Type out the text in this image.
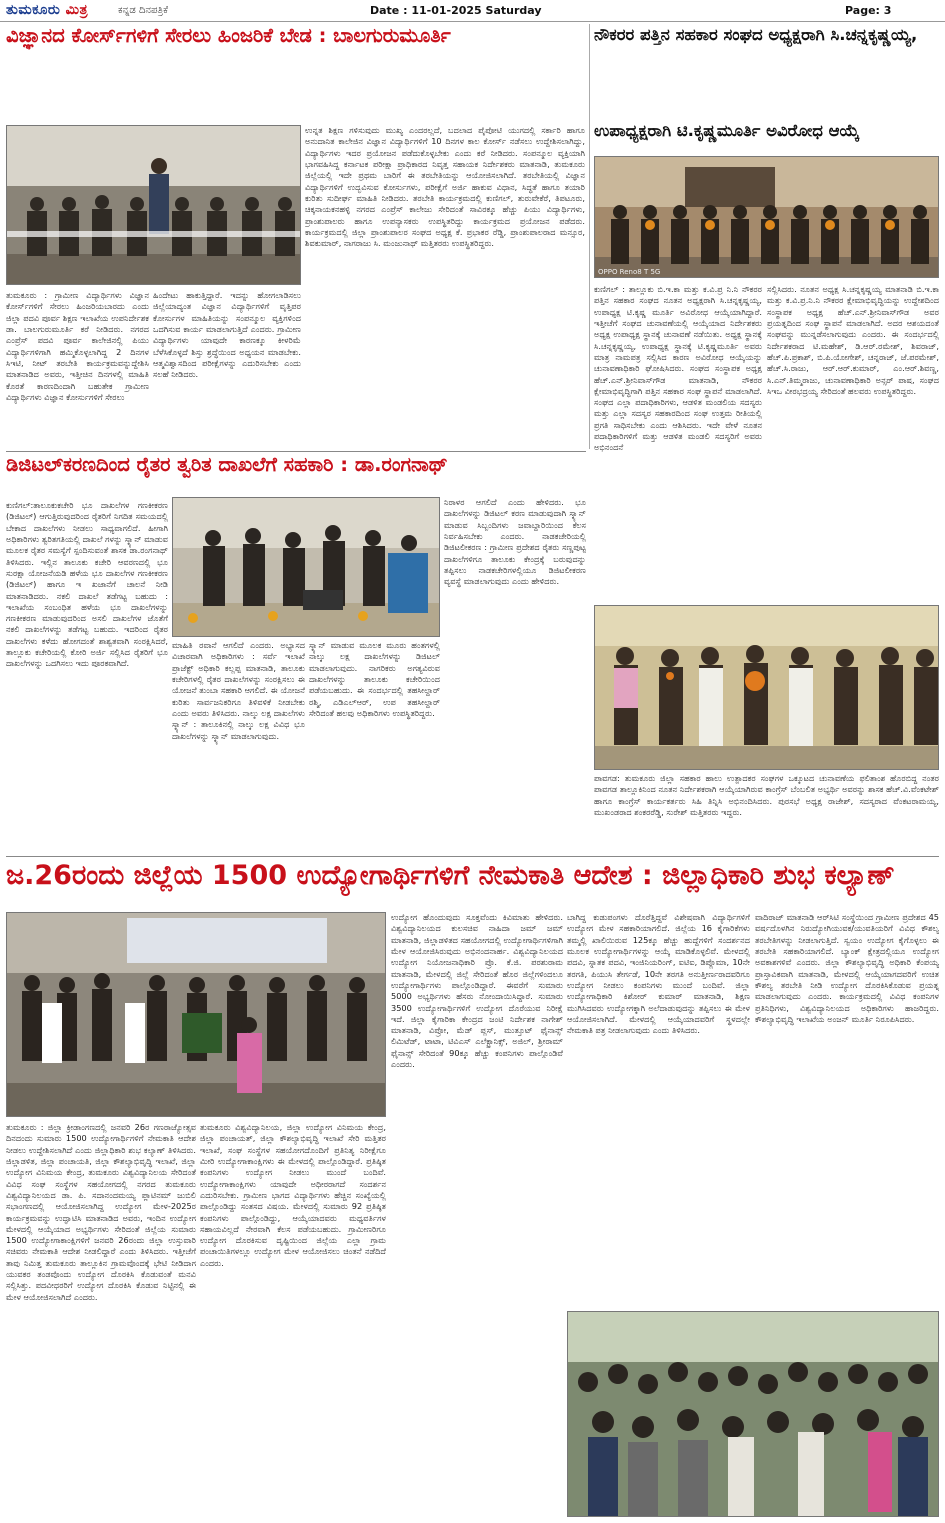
ತುಮಕೂರು ಮಿತ್ರ	ಕನ್ನಡ ದಿನಪತ್ರಿಕೆ	Date : 11-01-2025 Saturday	Page: 3
ವಿಜ್ಞಾನದ ಕೋರ್ಸ್‌ಗಳಿಗೆ ಸೇರಲು ಹಿಂಜರಿಕೆ ಬೇಡ : ಬಾಲಗುರುಮೂರ್ತಿ

ತುಮಕೂರು : ಗ್ರಾಮೀಣ ವಿದ್ಯಾರ್ಥಿಗಳು ವಿಜ್ಞಾನ ಕೋರ್ಸ್‌ಗಳಿಗೆ ಸೇರಲು ಹಿಂಜರಿಯಬಾರದು ಎಂದು ಜಿಲ್ಲಾ ಪದವಿ ಪೂರ್ವ ಶಿಕ್ಷಣ ಇಲಾಖೆಯ ಉಪನಿರ್ದೇಶಕ ಡಾ. ಬಾಲಗುರುಮೂರ್ತಿ ಕರೆ ನೀಡಿದರು. ನಗರದ ಎಂಪ್ರೆಸ್ ಪದವಿ ಪೂರ್ವ ಕಾಲೇಜಿನಲ್ಲಿ ಪಿಯು ವಿದ್ಯಾರ್ಥಿಗಳಿಗಾಗಿ ಹಮ್ಮಿಕೊಳ್ಳಲಾಗಿದ್ದ 2 ದಿನಗಳ ಸಿಇಟಿ, ನೀಟ್ ತರಬೇತಿ ಕಾರ್ಯಕ್ರಮವನ್ನುದ್ದೇಶಿಸಿ ಮಾತನಾಡಿದ ಅವರು, ಇತ್ತೀಚಿನ ದಿನಗಳಲ್ಲಿ ಮಾಹಿತಿ ಕೊರತೆ ಕಾರಣದಿಂದಾಗಿ ಬಹುತೇಕ ಗ್ರಾಮೀಣ ವಿದ್ಯಾರ್ಥಿಗಳು ವಿಜ್ಞಾನ ಕೋರ್ಸುಗಳಿಗೆ ಸೇರಲು

ಹಿಂದೇಟು ಹಾಕುತ್ತಿದ್ದಾರೆ. ಇದನ್ನು ಹೋಗಲಾಡಿಸಲು ಜಿಲ್ಲೆಯಾದ್ಯಂತ ವಿಜ್ಞಾನ ವಿದ್ಯಾರ್ಥಿಗಳಿಗೆ ವೃತ್ತಿಪರ ಕೋರ್ಸುಗಳ ಮಾಹಿತಿಯನ್ನು ಸಂಪನ್ಮೂಲ ವ್ಯಕ್ತಿಗಳಿಂದ ಒದಗಿಸುವ ಕಾರ್ಯ ಮಾಡಲಾಗುತ್ತಿದೆ ಎಂದರು. ಗ್ರಾಮೀಣ ವಿದ್ಯಾರ್ಥಿಗಳು ಯಾವುದೇ ಕಾರಣಕ್ಕೂ ಕೀಳರಿಮೆ ಬೆಳೆಸಿಕೊಳ್ಳದೆ ಶಿಸ್ತು ಶ್ರದ್ಧೆಯಿಂದ ಅಧ್ಯಯನ ಮಾಡಬೇಕು. ಆತ್ಮವಿಶ್ವಾಸದಿಂದ ಪರೀಕ್ಷೆಗಳನ್ನು ಎದುರಿಸಬೇಕು ಎಂದು ಸಲಹೆ ನೀಡಿದರು.

ಉನ್ನತ ಶಿಕ್ಷಣ ಗಳಿಸುವುದು ಮುಖ್ಯ ಎಂದರಲ್ಲದೆ, ಬದಲಾದ ಪೈಪೋಟಿ ಯುಗದಲ್ಲಿ ಸರ್ಕಾರಿ ಹಾಗೂ ಅನುದಾನಿತ ಕಾಲೇಜಿನ ವಿಜ್ಞಾನ ವಿದ್ಯಾರ್ಥಿಗಳಿಗೆ 10 ದಿನಗಳ ಕಾಲ ಕೋರ್ಸ್ ನಡೆಸಲು ಉದ್ದೇಶಿಸಲಾಗಿದ್ದು, ವಿದ್ಯಾರ್ಥಿಗಳು ಇದರ ಪ್ರಯೋಜನ ಪಡೆದುಕೊಳ್ಳಬೇಕು ಎಂದು ಕರೆ ನೀಡಿದರು. ಸಂಪನ್ಮೂಲ ವ್ಯಕ್ತಿಯಾಗಿ ಭಾಗವಹಿಸಿದ್ದ ಕರ್ನಾಟಕ ಪರೀಕ್ಷಾ ಪ್ರಾಧಿಕಾರದ ನಿವೃತ್ತ ಸಹಾಯಕ ನಿರ್ದೇಶಕರು ಮಾತನಾಡಿ, ತುಮಕೂರು ಜಿಲ್ಲೆಯಲ್ಲಿ ಇದೇ ಪ್ರಥಮ ಬಾರಿಗೆ ಈ ತರಬೇತಿಯನ್ನು ಆಯೋಜಿಸಲಾಗಿದೆ. ತರಬೇತಿಯಲ್ಲಿ ವಿಜ್ಞಾನ ವಿದ್ಯಾರ್ಥಿಗಳಿಗೆ ಉದ್ಭವಿಸುವ ಕೋರ್ಸುಗಳು, ಪರೀಕ್ಷೆಗೆ ಅರ್ಜಿ ಹಾಕುವ ವಿಧಾನ, ಸಿದ್ಧತೆ ಹಾಗೂ ತಯಾರಿ ಕುರಿತು ಸುದೀರ್ಘ ಮಾಹಿತಿ ನೀಡಿದರು. ತರಬೇತಿ ಕಾರ್ಯಕ್ರಮದಲ್ಲಿ ಕುಣಿಗಲ್, ತುರುವೇಕೆರೆ, ತಿಪಟೂರು, ಚಿಕ್ಕನಾಯಕನಹಳ್ಳಿ ನಗರದ ಎಂಪ್ರೆಸ್ ಕಾಲೇಜು ಸೇರಿದಂತೆ ಸಾವಿರಕ್ಕೂ ಹೆಚ್ಚು ಪಿಯು ವಿದ್ಯಾರ್ಥಿಗಳು, ಪ್ರಾಂಶುಪಾಲರು ಹಾಗೂ ಉಪನ್ಯಾಸಕರು ಉಪಸ್ಥಿತರಿದ್ದು ಕಾರ್ಯಕ್ರಮದ ಪ್ರಯೋಜನ ಪಡೆದರು. ಕಾರ್ಯಕ್ರಮದಲ್ಲಿ ಜಿಲ್ಲಾ ಪ್ರಾಂಶುಪಾಲರ ಸಂಘದ ಅಧ್ಯಕ್ಷ ಕೆ. ಪ್ರಭಾಕರ ರೆಡ್ಡಿ, ಪ್ರಾಂಶುಪಾಲರಾದ ಮನ್ಸೂರ, ಶಿವಕುಮಾರ್, ನಾಗರಾಜು ಸಿ. ಮಂಜುನಾಥ್ ಮತ್ತಿತರರು ಉಪಸ್ಥಿತರಿದ್ದರು.

ನೌಕರರ ಪತ್ತಿನ ಸಹಕಾರ ಸಂಘದ ಅಧ್ಯಕ್ಷರಾಗಿ ಸಿ.ಚನ್ನಕೃಷ್ಣಯ್ಯ,
ಉಪಾಧ್ಯಕ್ಷರಾಗಿ ಟಿ.ಕೃಷ್ಣಮೂರ್ತಿ ಅವಿರೋಧ ಆಯ್ಕೆ
OPPO Reno8 T 5G

ಕುಣಿಗಲ್ : ತಾಲ್ಲೂಕು ಬಿ.ಇ.ಕಾ ಮತ್ತು ಕ.ವಿ.ಪ್ರ ನಿ.ನಿ ನೌಕರರ ಪತ್ತಿನ ಸಹಕಾರ ಸಂಘದ ನೂತನ ಅಧ್ಯಕ್ಷರಾಗಿ ಸಿ.ಚನ್ನಕೃಷ್ಣಯ್ಯ, ಉಪಾಧ್ಯಕ್ಷ ಟಿ.ಕೃಷ್ಣ ಮೂರ್ತಿ ಅವಿರೋಧ ಆಯ್ಕೆಯಾಗಿದ್ದಾರೆ. ಇತ್ತೀಚೆಗೆ ಸಂಘದ ಚುನಾವಣೆಯಲ್ಲಿ ಆಯ್ಕೆಯಾದ ನಿರ್ದೇಶಕರು ಅಧ್ಯಕ್ಷ ಉಪಾಧ್ಯಕ್ಷ ಸ್ಥಾನಕ್ಕೆ ಚುನಾವಣೆ ನಡೆಯಿತು. ಅಧ್ಯಕ್ಷ ಸ್ಥಾನಕ್ಕೆ ಸಿ.ಚನ್ನಕೃಷ್ಣಯ್ಯ, ಉಪಾಧ್ಯಕ್ಷ ಸ್ಥಾನಕ್ಕೆ ಟಿ.ಕೃಷ್ಣಮೂರ್ತಿ ಅವರು ಮಾತ್ರ ನಾಮಪತ್ರ ಸಲ್ಲಿಸಿದ ಕಾರಣ ಅವಿರೋಧ ಆಯ್ಕೆಯನ್ನು ಚುನಾವಣಾಧಿಕಾರಿ ಘೋಷಿಸಿದರು. ಸಂಘದ ಸಂಸ್ಥಾಪಕ ಅಧ್ಯಕ್ಷ ಹೆಚ್.ಎನ್.ಶ್ರೀನಿವಾಸ್‌ಗೌಡ ಮಾತನಾಡಿ, ನೌಕರರ ಕ್ಷೇಮಾಭಿವೃದ್ಧಿಗಾಗಿ ಪತ್ತಿನ ಸಹಕಾರ ಸಂಘ ಸ್ಥಾಪನೆ ಮಾಡಲಾಗಿದೆ. ಸಂಘದ ಎಲ್ಲಾ ಪದಾಧಿಕಾರಿಗಳು, ಆಡಳಿತ ಮಂಡಲಿಯ ಸದಸ್ಯರು ಮತ್ತು ಎಲ್ಲಾ ಸದಸ್ಯರ ಸಹಕಾರದಿಂದ ಸಂಘ ಉತ್ತಮ ರೀತಿಯಲ್ಲಿ ಪ್ರಗತಿ ಸಾಧಿಸಬೇಕು ಎಂದು ಆಶಿಸಿದರು. ಇದೇ ವೇಳೆ ನೂತನ ಪದಾಧಿಕಾರಿಗಳಿಗೆ ಮತ್ತು ಆಡಳಿತ ಮಂಡಲಿ ಸದಸ್ಯರಿಗೆ ಅವರು ಅಭಿನಂದನೆ

ಸಲ್ಲಿಸಿದರು. ನೂತನ ಅಧ್ಯಕ್ಷ ಸಿ.ಚನ್ನಕೃಷ್ಣಯ್ಯ ಮಾತನಾಡಿ ಬಿ.ಇ.ಕಾ ಮತ್ತು ಕ.ವಿ.ಪ್ರ.ನಿ.ನಿ ನೌಕರರ ಕ್ಷೇಮಾಭಿವೃದ್ಧಿಯನ್ನು ಉದ್ದೇಶದಿಂದ ಸಂಸ್ಥಾಪಕ ಅಧ್ಯಕ್ಷ ಹೆಚ್.ಎನ್.ಶ್ರೀನಿವಾಸ್‌ಗೌಡ ಅವರ ಪ್ರಯತ್ನದಿಂದ ಸಂಘ ಸ್ಥಾಪನೆ ಮಾಡಲಾಗಿದೆ. ಅದರ ಆಶಯದಂತೆ ಸಂಘವನ್ನು ಮುನ್ನಡೆಸಲಾಗುವುದು ಎಂದರು. ಈ ಸಂದರ್ಭದಲ್ಲಿ ನಿರ್ದೇಶಕರಾದ ಟಿ.ಮಹೇಶ್, ಡಿ.ಆರ್.ರಮೇಶ್, ಶಿವರಾಜ್, ಹೆಚ್.ಪಿ.ಪ್ರಕಾಶ್, ಬಿ.ಪಿ.ಯೋಗೇಶ್, ಚನ್ನರಾಜ್, ಜೆ.ಪರಮೇಶ್, ಹೆಚ್.ಸಿ.ರಾಜು, ಆರ್.ಆರ್.ಕುಮಾರ್, ಎಂ.ಆರ್.ಶಿವಣ್ಣ, ಸಿ.ಎನ್.ತಿಮ್ಮರಾಜು, ಚುನಾವಣಾಧಿಕಾರಿ ಅನ್ಸರ್ ಪಾಷ, ಸಂಘದ ಸಿಇಒ ವೀರಭದ್ರಯ್ಯ ಸೇರಿದಂತೆ ಹಲವರು ಉಪಸ್ಥಿತರಿದ್ದರು.

ಡಿಜಿಟಲ್‌ಕರಣದಿಂದ ರೈತರ ತ್ವರಿತ ದಾಖಲೆಗೆ ಸಹಕಾರಿ : ಡಾ.ರಂಗನಾಥ್

ಕುಣಿಗಲ್:ತಾಲೂಕುಕಚೇರಿ ಭೂ ದಾಖಲೆಗಳ ಗಣಕೀಕರಣ (ಡಿಜಿಟಲ್) ಆಗುತ್ತಿರುವುದರಿಂದ ರೈತರಿಗೆ ನಿಗದಿತ ಸಮಯದಲ್ಲಿ ಬೇಕಾದ ದಾಖಲೆಗಳು ನೀಡಲು ಸಾಧ್ಯವಾಗಲಿದೆ. ಹೀಗಾಗಿ ಅಧಿಕಾರಿಗಳು ತ್ವರಿತಗತಿಯಲ್ಲಿ ದಾಖಲೆ ಗಳನ್ನು ಸ್ಕ್ಯಾನ್ ಮಾಡುವ ಮೂಲಕ ರೈತರ ಸಮಸ್ಯೆಗೆ ಸ್ಪಂದಿಸುವಂತೆ ಶಾಸಕ ಡಾ.ರಂಗನಾಥ್ ತಿಳಿಸಿದರು. ಇಲ್ಲಿನ ತಾಲೂಕು ಕಚೇರಿ ಆವರಣದಲ್ಲಿ ಭೂ ಸುರಕ್ಷಾ ಯೋಜನೆಯಡಿ ಹಳೆಯ ಭೂ ದಾಖಲೆಗಳ ಗಣಕೀಕರಣ (ಡಿಜಿಟಲ್) ಹಾಗೂ ಇ ಖಜಾನೆಗೆ ಚಾಲನೆ ನೀಡಿ ಮಾತನಾಡಿದರು. ನಕಲಿ ದಾಖಲೆ ತಡೆಗಟ್ಟ ಬಹುದು : ಇಲಾಖೆಯ ಸಂಬಂಧಿತ ಹಳೆಯ ಭೂ ದಾಖಲೆಗಳನ್ನು ಗಣಕೀಕರಣ ಮಾಡುವುದರಿಂದ ಅಸಲಿ ದಾಖಲೆಗಳ ಜೊತೆಗೆ ನಕಲಿ ದಾಖಲೆಗಳನ್ನು ತಡೆಗಟ್ಟ ಬಹುದು. ಇದರಿಂದ ರೈತರ ದಾಖಲೆಗಳು ಕಳೆದು ಹೋಗದಂತೆ ಶಾಶ್ವತವಾಗಿ ಸಂರಕ್ಷಿಸಿದರೆ, ತಾಲ್ಲೂಕು ಕಚೇರಿಯಲ್ಲಿ ಕೋರಿ ಅರ್ಜಿ ಸಲ್ಲಿಸಿದ ರೈತರಿಗೆ ಭೂ ದಾಖಲೆಗಳನ್ನು ಒದಗಿಸಲು ಇದು ಪೂರಕವಾಗಿದೆ.

ಮಾಹಿತಿ ರವಾನೆ ಆಗಲಿದೆ ಎಂದರು. ಅಭ್ಯಾಸದ ವಿಚಾರವಾಗಿ ಅಧಿಕಾರಿಗಳು : ಸರ್ವೆ ಇಲಾಖೆ ಪ್ರಾಜೆಕ್ಟ್ ಅಧಿಕಾರಿ ಕಲ್ಲಪ್ಪ ಮಾತನಾಡಿ, ತಾಲೂಕು ಕಚೇರಿಗಳಲ್ಲಿ ರೈತರ ದಾಖಲೆಗಳನ್ನು ಸಂರಕ್ಷಿಸಲು ಈ ಯೋಜನೆ ತುಂಬಾ ಸಹಕಾರಿ ಆಗಲಿದೆ. ಈ ಯೋಜನೆ ಕುರಿತು ಸಾರ್ವಜನಿಕರಿಗೂ ತಿಳಿವಳಿಕೆ ನೀಡಬೇಕು ಎಂದು ಅವರು ತಿಳಿಸಿದರು. ನಾಲ್ಕು ಲಕ್ಷ ದಾಖಲೆಗಳು ಸ್ಕ್ಯಾನ್ : ತಾಲೂಕಿನಲ್ಲಿ ನಾಲ್ಕು ಲಕ್ಷ ವಿವಿಧ ಭೂ ದಾಖಲೆಗಳನ್ನು ಸ್ಕ್ಯಾನ್ ಮಾಡಲಾಗುವುದು.

ಸ್ಕ್ಯಾನ್ ಮಾಡುವ ಮೂಲಕ ಮೂರು ಹಂತಗಳಲ್ಲಿ ನಾಲ್ಕು ಲಕ್ಷ ದಾಖಲೆಗಳನ್ನು ಡಿಜಿಟಲ್ ಮಾಡಲಾಗುವುದು. ನಾಗರಿಕರು ಅಗತ್ಯವಿರುವ ದಾಖಲೆಗಳನ್ನು ತಾಲೂಕು ಕಚೇರಿಯಿಂದ ಪಡೆಯಬಹುದು. ಈ ಸಂದರ್ಭದಲ್ಲಿ ತಹಸೀಲ್ದಾರ್ ರಶ್ಮಿ, ಎಡಿಎಲ್‌ಆರ್, ಉಪ ತಹಸೀಲ್ದಾರ್ ಸೇರಿದಂತೆ ಹಲವು ಅಧಿಕಾರಿಗಳು ಉಪಸ್ಥಿತರಿದ್ದರು.

ನಿರಾಳರ ಆಗಲಿದೆ ಎಂದು ಹೇಳಿದರು. ಭೂ ದಾಖಲೆಗಳನ್ನು ಡಿಜಿಟಲ್ ಕರಣ ಮಾಡುವುದಾಗಿ ಸ್ಕ್ಯಾನ್ ಮಾಡುವ ಸಿಬ್ಬಂದಿಗಳು ಜವಾಬ್ದಾರಿಯಿಂದ ಕೆಲಸ ನಿರ್ವಹಿಸಬೇಕು ಎಂದರು. ನಾಡಕಚೇರಿಯಲ್ಲಿ ಡಿಜಿಟಲೀಕರಣ : ಗ್ರಾಮೀಣ ಪ್ರದೇಶದ ರೈತರು ಸಣ್ಣಪುಟ್ಟ ದಾಖಲೆಗಳಿಗೂ ತಾಲೂಕು ಕೇಂದ್ರಕ್ಕೆ ಬರುವುದನ್ನು ತಪ್ಪಿಸಲು ನಾಡಕಚೇರಿಗಳಲ್ಲಿಯೂ ಡಿಜಿಟಲೀಕರಣ ವ್ಯವಸ್ಥೆ ಮಾಡಲಾಗುವುದು ಎಂದು ಹೇಳಿದರು.

ಪಾವಗಡ: ತುಮಕೂರು ಜಿಲ್ಲಾ ಸಹಕಾರ ಹಾಲು ಉತ್ಪಾದಕರ ಸಂಘಗಳ ಒಕ್ಕೂಟದ ಚುನಾವಣೆಯ ಫಲಿತಾಂಶ ಹೊರಬಿದ್ದ ನಂತರ ಪಾವಗಡ ತಾಲ್ಲೂಕಿನಿಂದ ನೂತನ ನಿರ್ದೇಶಕರಾಗಿ ಆಯ್ಕೆಯಾಗಿರುವ ಕಾಂಗ್ರೆಸ್ ಬೆಂಬಲಿತ ಅಭ್ಯರ್ಥಿ ಅವರನ್ನು ಶಾಸಕ ಹೆಚ್.ವಿ.ವೆಂಕಟೇಶ್ ಹಾಗೂ ಕಾಂಗ್ರೆಸ್ ಕಾರ್ಯಕರ್ತರು ಸಿಹಿ ತಿನ್ನಿಸಿ ಅಭಿನಂದಿಸಿದರು. ಪುರಸಭೆ ಅಧ್ಯಕ್ಷ ರಾಜೇಶ್, ಸದಸ್ಯರಾದ ವೆಂಕಟರಾಮಯ್ಯ, ಮುಖಂಡರಾದ ಶಂಕರರೆಡ್ಡಿ, ಸುರೇಶ್ ಮತ್ತಿತರರು ಇದ್ದರು.
ಜ.26ರಂದು ಜಿಲ್ಲೆಯ 1500 ಉದ್ಯೋಗಾರ್ಥಿಗಳಿಗೆ ನೇಮಕಾತಿ ಆದೇಶ : ಜಿಲ್ಲಾಧಿಕಾರಿ ಶುಭ ಕಲ್ಯಾಣ್

ತುಮಕೂರು : ಜಿಲ್ಲಾ ಕ್ರೀಡಾಂಗಣದಲ್ಲಿ ಜನವರಿ 26ರ ಗಣರಾಜ್ಯೋತ್ಸವ ದಿನದಂದು ಸುಮಾರು 1500 ಉದ್ಯೋಗಾರ್ಥಿಗಳಿಗೆ ನೇಮಕಾತಿ ಆದೇಶ ನೀಡಲು ಉದ್ದೇಶಿಸಲಾಗಿದೆ ಎಂದು ಜಿಲ್ಲಾಧಿಕಾರಿ ಶುಭ ಕಲ್ಯಾಣ್ ತಿಳಿಸಿದರು. ಜಿಲ್ಲಾಡಳಿತ, ಜಿಲ್ಲಾ ಪಂಚಾಯತಿ, ಜಿಲ್ಲಾ ಕೌಶಲ್ಯಾಭಿವೃದ್ಧಿ ಇಲಾಖೆ, ಜಿಲ್ಲಾ ಉದ್ಯೋಗ ವಿನಿಮಯ ಕೇಂದ್ರ, ತುಮಕೂರು ವಿಶ್ವವಿದ್ಯಾನಿಲಯ ಸೇರಿದಂತೆ ವಿವಿಧ ಸಂಘ ಸಂಸ್ಥೆಗಳ ಸಹಯೋಗದಲ್ಲಿ ನಗರದ ತುಮಕೂರು ವಿಶ್ವವಿದ್ಯಾನಿಲಯದ ಡಾ. ಪಿ. ಸದಾನಂದಮಯ್ಯ ಪ್ಲಾಟಿನಮ್ ಜುಬಿಲಿ ಸಭಾಂಗಣದಲ್ಲಿ ಆಯೋಜಿಸಲಾಗಿದ್ದ ಉದ್ಯೋಗ ಮೇಳ-2025ರ ಕಾರ್ಯಕ್ರಮವನ್ನು ಉದ್ಘಾಟಿಸಿ ಮಾತನಾಡಿದ ಅವರು, ಇಂದಿನ ಉದ್ಯೋಗ ಮೇಳದಲ್ಲಿ ಆಯ್ಕೆಯಾದ ಅಭ್ಯರ್ಥಿಗಳು ಸೇರಿದಂತೆ ಜಿಲ್ಲೆಯ ಸುಮಾರು 1500 ಉದ್ಯೋಗಾಕಾಂಕ್ಷಿಗಳಿಗೆ ಜನವರಿ 26ರಂದು ಜಿಲ್ಲಾ ಉಸ್ತುವಾರಿ ಸಚಿವರು ನೇಮಕಾತಿ ಆದೇಶ ನೀಡಲಿದ್ದಾರೆ ಎಂದು ತಿಳಿಸಿದರು. ಇತ್ತೀಚೆಗೆ ತಾವು ನಿಮಿತ್ತ ತುಮಕೂರು ತಾಲ್ಲೂಕಿನ ಗ್ರಾಮವೊಂದಕ್ಕೆ ಭೇಟಿ ನೀಡಿದಾಗ ಯುವಕರ ತಂಡವೊಂದು ಉದ್ಯೋಗ ದೊರಕಿಸಿ ಕೊಡುವಂತೆ ಮನವಿ ಸಲ್ಲಿಸಿತ್ತು. ಪದವೀಧರರಿಗೆ ಉದ್ಯೋಗ ದೊರಕಿಸಿ ಕೊಡುವ ನಿಟ್ಟಿನಲ್ಲಿ ಈ ಮೇಳ ಆಯೋಜಿಸಲಾಗಿದೆ ಎಂದರು.

ತುಮಕೂರು ವಿಶ್ವವಿದ್ಯಾನಿಲಯ, ಜಿಲ್ಲಾ ಉದ್ಯೋಗ ವಿನಿಮಯ ಕೇಂದ್ರ, ಜಿಲ್ಲಾ ಪಂಚಾಯತ್, ಜಿಲ್ಲಾ ಕೌಶಲ್ಯಾಭಿವೃದ್ಧಿ ಇಲಾಖೆ ಸೇರಿ ಮತ್ತಿತರ ಇಲಾಖೆ, ಸಂಘ ಸಂಸ್ಥೆಗಳ ಸಹಯೋಗದೊಂದಿಗೆ ಪ್ರತಿನಿತ್ಯ ನಿರೀಕ್ಷೆಗೂ ಮೀರಿ ಉದ್ಯೋಗಾಕಾಂಕ್ಷಿಗಳು ಈ ಮೇಳದಲ್ಲಿ ಪಾಲ್ಗೊಂಡಿದ್ದಾರೆ. ಪ್ರತಿಷ್ಠಿತ ಕಂಪನಿಗಳು ಉದ್ಯೋಗ ನೀಡಲು ಮುಂದೆ ಬಂದಿವೆ. ಉದ್ಯೋಗಾಕಾಂಕ್ಷಿಗಳು ಯಾವುದೇ ಅಧೀರರಾಗದೆ ಸಂದರ್ಶನ ಎದುರಿಸಬೇಕು. ಗ್ರಾಮೀಣ ಭಾಗದ ವಿದ್ಯಾರ್ಥಿಗಳು ಹೆಚ್ಚಿನ ಸಂಖ್ಯೆಯಲ್ಲಿ ಪಾಲ್ಗೊಂಡಿದ್ದು ಸಂತಸದ ವಿಷಯ. ಮೇಳದಲ್ಲಿ ಸುಮಾರು 92 ಪ್ರತಿಷ್ಠಿತ ಕಂಪನಿಗಳು ಪಾಲ್ಗೊಂಡಿದ್ದು, ಆಯ್ಕೆಯಾದವರು ಮಧ್ಯವರ್ತಿಗಳ ಸಹಾಯವಿಲ್ಲದೆ ನೇರವಾಗಿ ಕೆಲಸ ಪಡೆಯಬಹುದು. ಗ್ರಾಮೀಣರಿಗೂ ಉದ್ಯೋಗ ದೊರಕಿಸುವ ದೃಷ್ಟಿಯಿಂದ ಜಿಲ್ಲೆಯ ಎಲ್ಲಾ ಗ್ರಾಮ ಪಂಚಾಯಿತಿಗಳಲ್ಲೂ ಉದ್ಯೋಗ ಮೇಳ ಆಯೋಜಿಸಲು ಚಿಂತನೆ ನಡೆದಿದೆ ಎಂದರು.

ಉದ್ಯೋಗ ಹೊಂದುವುದು ಸೂಕ್ತವೆಂದು ಕಿವಿಮಾತು ಹೇಳಿದರು. ವಿಶ್ವವಿದ್ಯಾನಿಲಯದ ಕುಲಸಚಿವ ನಾಹಿದಾ ಜಮ್ ಜಮ್ ಮಾತನಾಡಿ, ಜಿಲ್ಲಾಡಳಿತದ ಸಹಯೋಗದಲ್ಲಿ ಉದ್ಯೋಗಾರ್ಥಿಗಳಿಗಾಗಿ ಮೇಳ ಆಯೋಜಿಸಿರುವುದು ಅಭಿನಂದನಾರ್ಹ. ವಿಶ್ವವಿದ್ಯಾನಿಲಯದ ಉದ್ಯೋಗ ನಿಯೋಜನಾಧಿಕಾರಿ ಪ್ರೊ. ಕೆ.ಜಿ. ಪರಶುರಾಮ ಮಾತನಾಡಿ, ಮೇಳದಲ್ಲಿ ಜಿಲ್ಲೆ ಸೇರಿದಂತೆ ಹೊರ ಜಿಲ್ಲೆಗಳಿಂದಲೂ ಉದ್ಯೋಗಾರ್ಥಿಗಳು ಪಾಲ್ಗೊಂಡಿದ್ದಾರೆ. ಈವರೆಗೆ ಸುಮಾರು 5000 ಅಭ್ಯರ್ಥಿಗಳು ಹೆಸರು ನೋಂದಾಯಿಸಿದ್ದಾರೆ. ಸುಮಾರು 3500 ಉದ್ಯೋಗಾರ್ಥಿಗಳಿಗೆ ಉದ್ಯೋಗ ದೊರೆಯುವ ನಿರೀಕ್ಷೆ ಇದೆ. ಜಿಲ್ಲಾ ಕೈಗಾರಿಕಾ ಕೇಂದ್ರದ ಜಂಟಿ ನಿರ್ದೇಶಕ ನಾಗೇಶ್ ಮಾತನಾಡಿ, ವಿಪ್ರೋ, ಮೆಡ್ ಪ್ಲಸ್, ಮುತ್ತೂಟ್ ಫೈನಾನ್ಸ್ ಲಿಮಿಟೆಡ್, ಟಾಟಾ, ಟಿವಿಎಸ್ ಎಲೆಕ್ಟ್ರಾನಿಕ್ಸ್, ಅಜಿಲ್, ಶ್ರೀರಾಮ್ ಫೈನಾನ್ಸ್ ಸೇರಿದಂತೆ 90ಕ್ಕೂ ಹೆಚ್ಚು ಕಂಪನಿಗಳು ಪಾಲ್ಗೊಂಡಿವೆ ಎಂದರು.

ಬಾಗಿದ್ದ ಕುಡುಪಂಗಳು ದೊರೆತ್ತಿದ್ದವೆ ವಿಶೇಷವಾಗಿ ವಿದ್ಯಾರ್ಥಿಗಳಿಗೆ ಉದ್ಯೋಗ ಮೇಳ ಸಹಕಾರಿಯಾಗಲಿದೆ. ಜಿಲ್ಲೆಯ 16 ಕೈಗಾರಿಕೆಗಳು ತಮ್ಮಲ್ಲಿ ಖಾಲಿಯಿರುವ 125ಕ್ಕೂ ಹೆಚ್ಚು ಹುದ್ದೆಗಳಿಗೆ ಸಂದರ್ಶನದ ಮೂಲಕ ಉದ್ಯೋಗಾರ್ಥಿಗಳನ್ನು ಆಯ್ಕೆ ಮಾಡಿಕೊಳ್ಳಲಿವೆ. ಮೇಳದಲ್ಲಿ ಪದವಿ, ಸ್ನಾತಕ ಪದವಿ, ಇಂಜಿನಿಯರಿಂಗ್, ಐಟಿಐ, ಡಿಪ್ಲೊಮಾ, 10ನೇ ತರಗತಿ, ಪಿಯುಸಿ ತೇರ್ಗಡೆ, 10ನೇ ತರಗತಿ ಅನುತ್ತೀರ್ಣರಾದವರಿಗೂ ಉದ್ಯೋಗ ನೀಡಲು ಕಂಪನಿಗಳು ಮುಂದೆ ಬಂದಿವೆ. ಜಿಲ್ಲಾ ಉದ್ಯೋಗಾಧಿಕಾರಿ ಕಿಶೋರ್ ಕುಮಾರ್ ಮಾತನಾಡಿ, ಶಿಕ್ಷಣ ಮುಗಿಸಿದವರು ಉದ್ಯೋಗಕ್ಕಾಗಿ ಅಲೆದಾಡುವುದನ್ನು ತಪ್ಪಿಸಲು ಈ ಮೇಳ ಆಯೋಜಿಸಲಾಗಿದೆ. ಮೇಳದಲ್ಲಿ ಆಯ್ಕೆಯಾದವರಿಗೆ ಸ್ಥಳದಲ್ಲೇ ನೇಮಕಾತಿ ಪತ್ರ ನೀಡಲಾಗುವುದು ಎಂದು ತಿಳಿಸಿದರು.

ವಾದಿರಾಜ್ ಮಾತನಾಡಿ ಆರ್‌ಸಿಟಿ ಸಂಸ್ಥೆಯಿಂದ ಗ್ರಾಮೀಣ ಪ್ರದೇಶದ 45 ವರ್ಷದೊಳಗಿನ ನಿರುದ್ಯೋಗಿಯುವಕ/ಯುವತಿಯರಿಗೆ ವಿವಿಧ ಕೌಶಲ್ಯ ತರಬೇತಿಗಳನ್ನು ನೀಡಲಾಗುತ್ತಿದೆ. ಸ್ವಯಂ ಉದ್ಯೋಗ ಕೈಗೊಳ್ಳಲು ಈ ತರಬೇತಿ ಸಹಕಾರಿಯಾಗಲಿದೆ. ಬ್ಯಾಂಕ್ ಕ್ಷೇತ್ರದಲ್ಲಿಯೂ ಉದ್ಯೋಗ ಅವಕಾಶಗಳಿವೆ ಎಂದರು. ಜಿಲ್ಲಾ ಕೌಶಲ್ಯಾಭಿವೃದ್ಧಿ ಅಧಿಕಾರಿ ಕೆಂಪಯ್ಯ ಪ್ರಾಸ್ತಾವಿಕವಾಗಿ ಮಾತನಾಡಿ, ಮೇಳದಲ್ಲಿ ಆಯ್ಕೆಯಾಗದವರಿಗೆ ಉಚಿತ ಕೌಶಲ್ಯ ತರಬೇತಿ ನೀಡಿ ಉದ್ಯೋಗ ದೊರಕಿಸಿಕೊಡುವ ಪ್ರಯತ್ನ ಮಾಡಲಾಗುವುದು ಎಂದರು. ಕಾರ್ಯಕ್ರಮದಲ್ಲಿ ವಿವಿಧ ಕಂಪನಿಗಳ ಪ್ರತಿನಿಧಿಗಳು, ವಿಶ್ವವಿದ್ಯಾನಿಲಯದ ಅಧಿಕಾರಿಗಳು ಹಾಜರಿದ್ದರು. ಕೌಶಲ್ಯಾಭಿವೃದ್ಧಿ ಇಲಾಖೆಯ ಅಂಜನ್ ಮೂರ್ತಿ ನಿರೂಪಿಸಿದರು.
